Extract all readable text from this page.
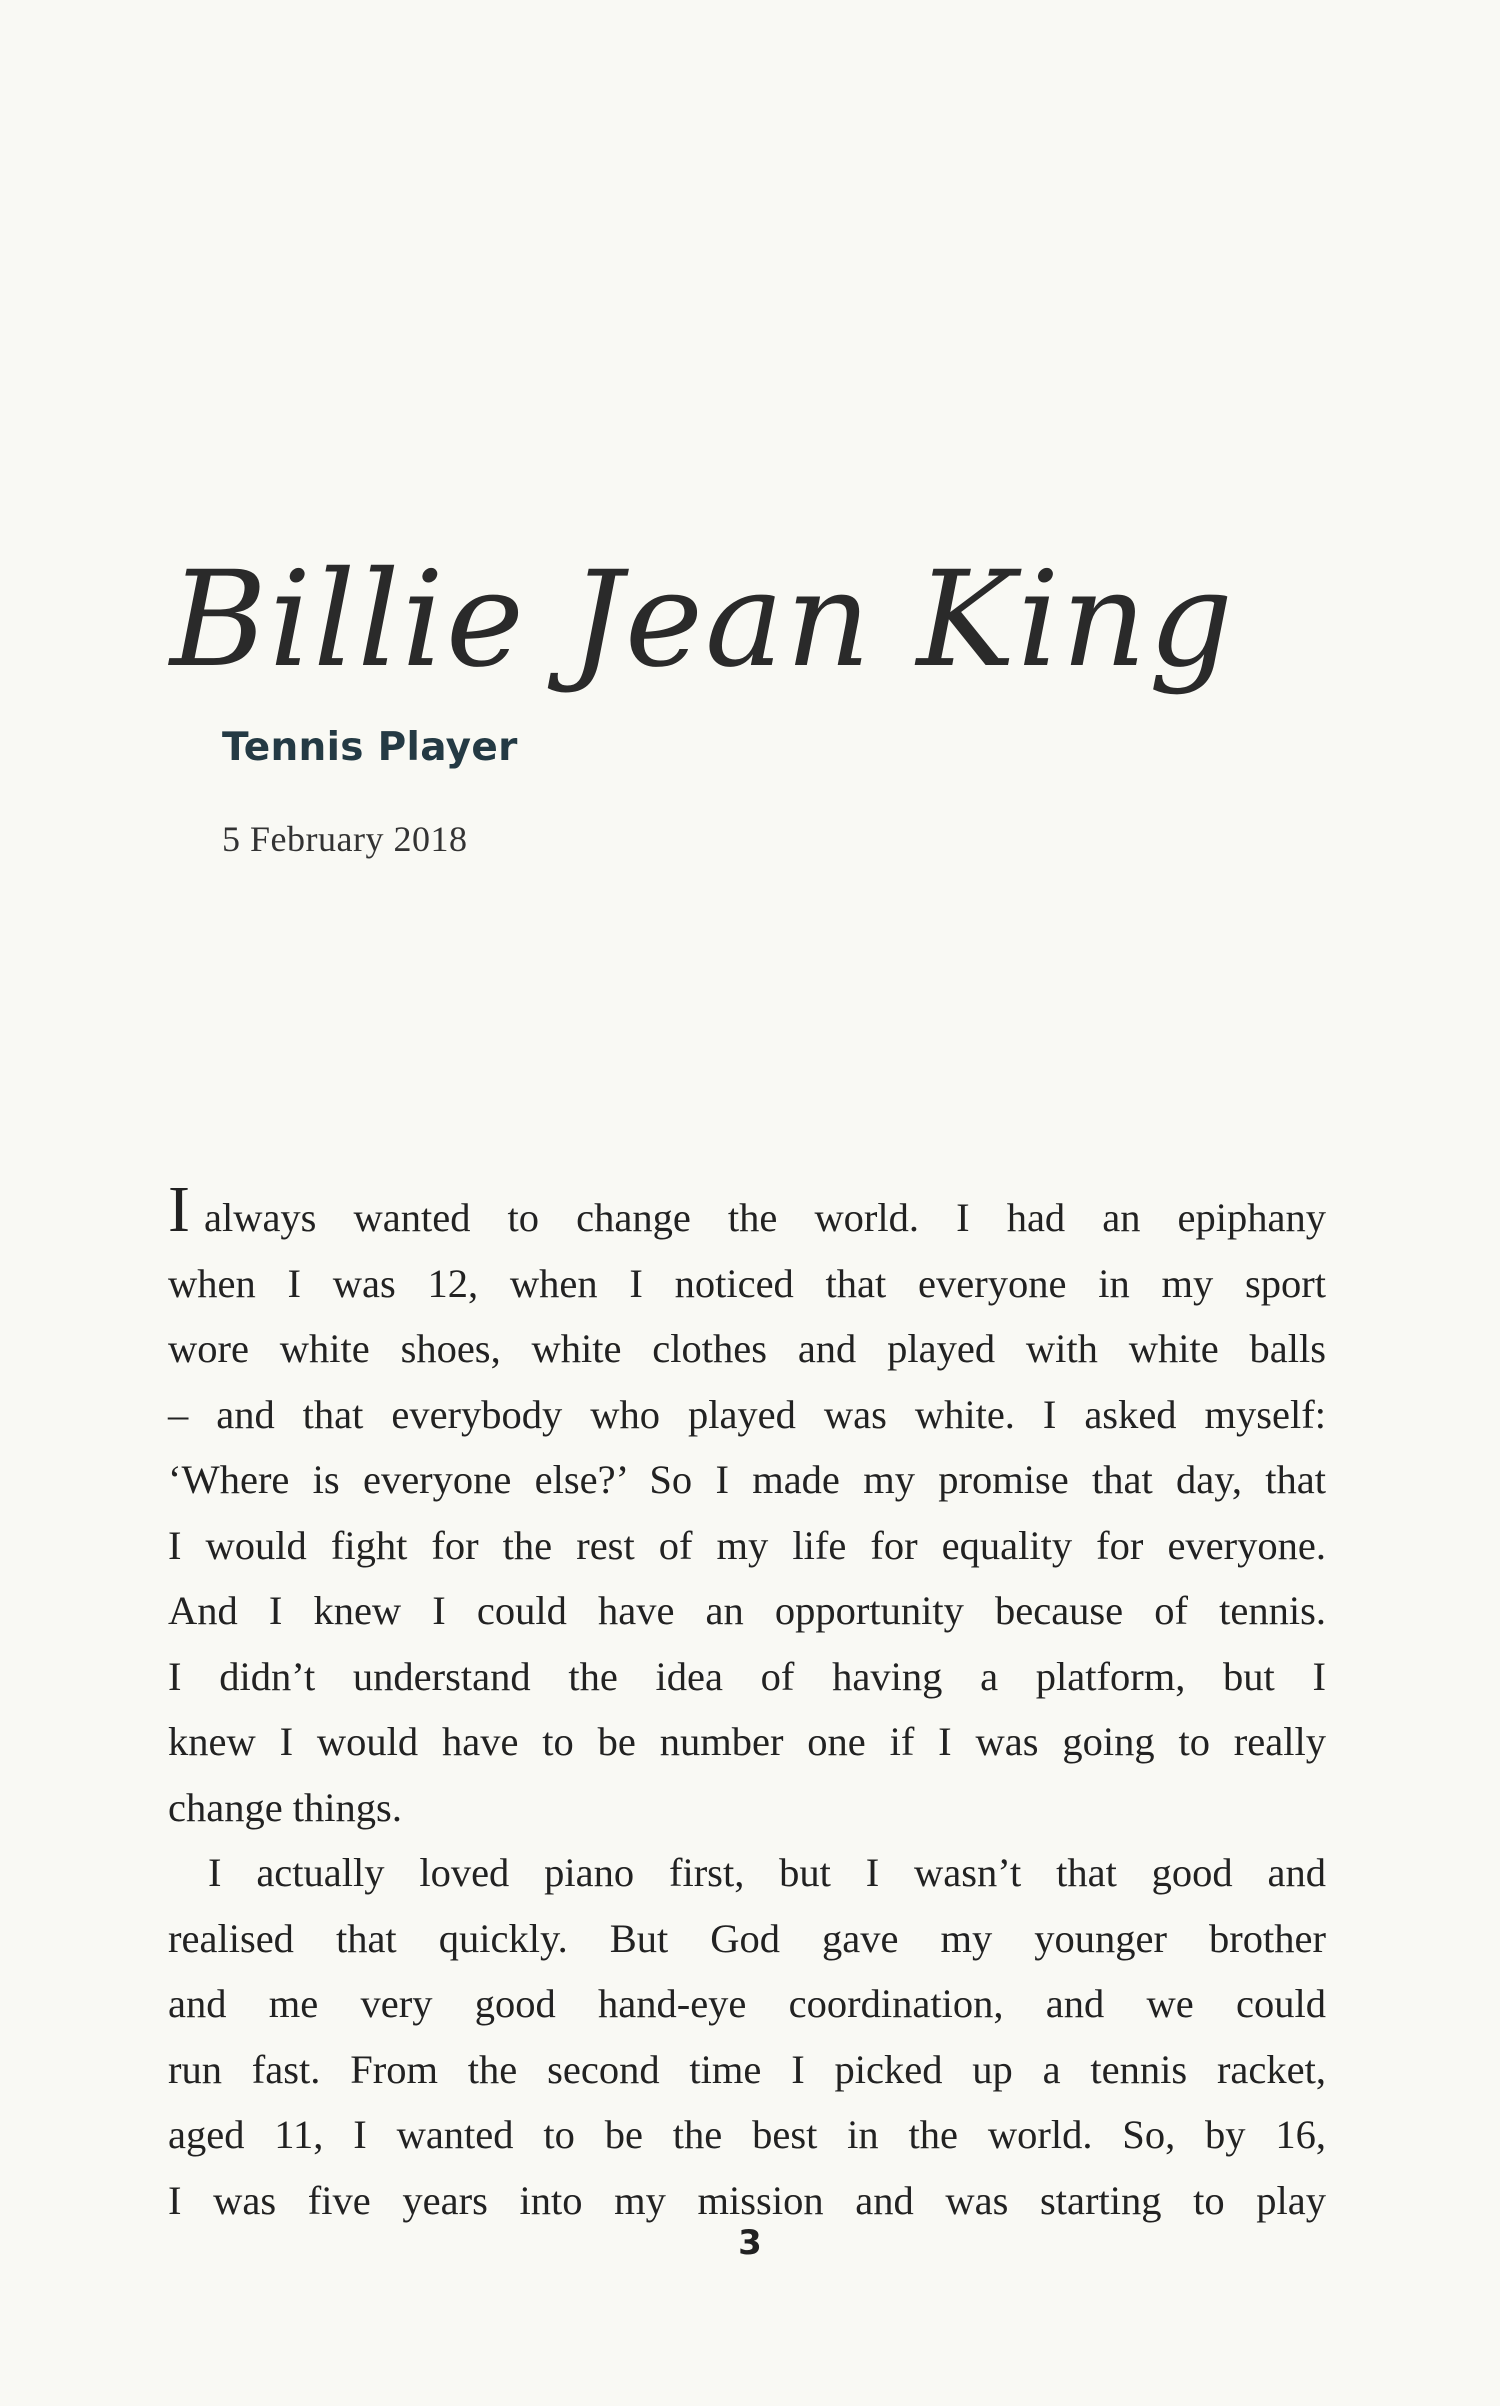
Billie Jean King
Tennis Player
5 February 2018
Ialways wanted to change the world. I had an epiphany
when I was 12, when I noticed that everyone in my sport
wore white shoes, white clothes and played with white balls
– and that everybody who played was white. I asked myself:
‘Where is everyone else?’ So I made my promise that day, that
I would fight for the rest of my life for equality for everyone.
And I knew I could have an opportunity because of tennis.
I didn’t understand the idea of having a platform, but I
knew I would have to be number one if I was going to really
change things.
I actually loved piano first, but I wasn’t that good and
realised that quickly. But God gave my younger brother
and me very good hand-eye coordination, and we could
run fast. From the second time I picked up a tennis racket,
aged 11, I wanted to be the best in the world. So, by 16,
I was five years into my mission and was starting to play
3
